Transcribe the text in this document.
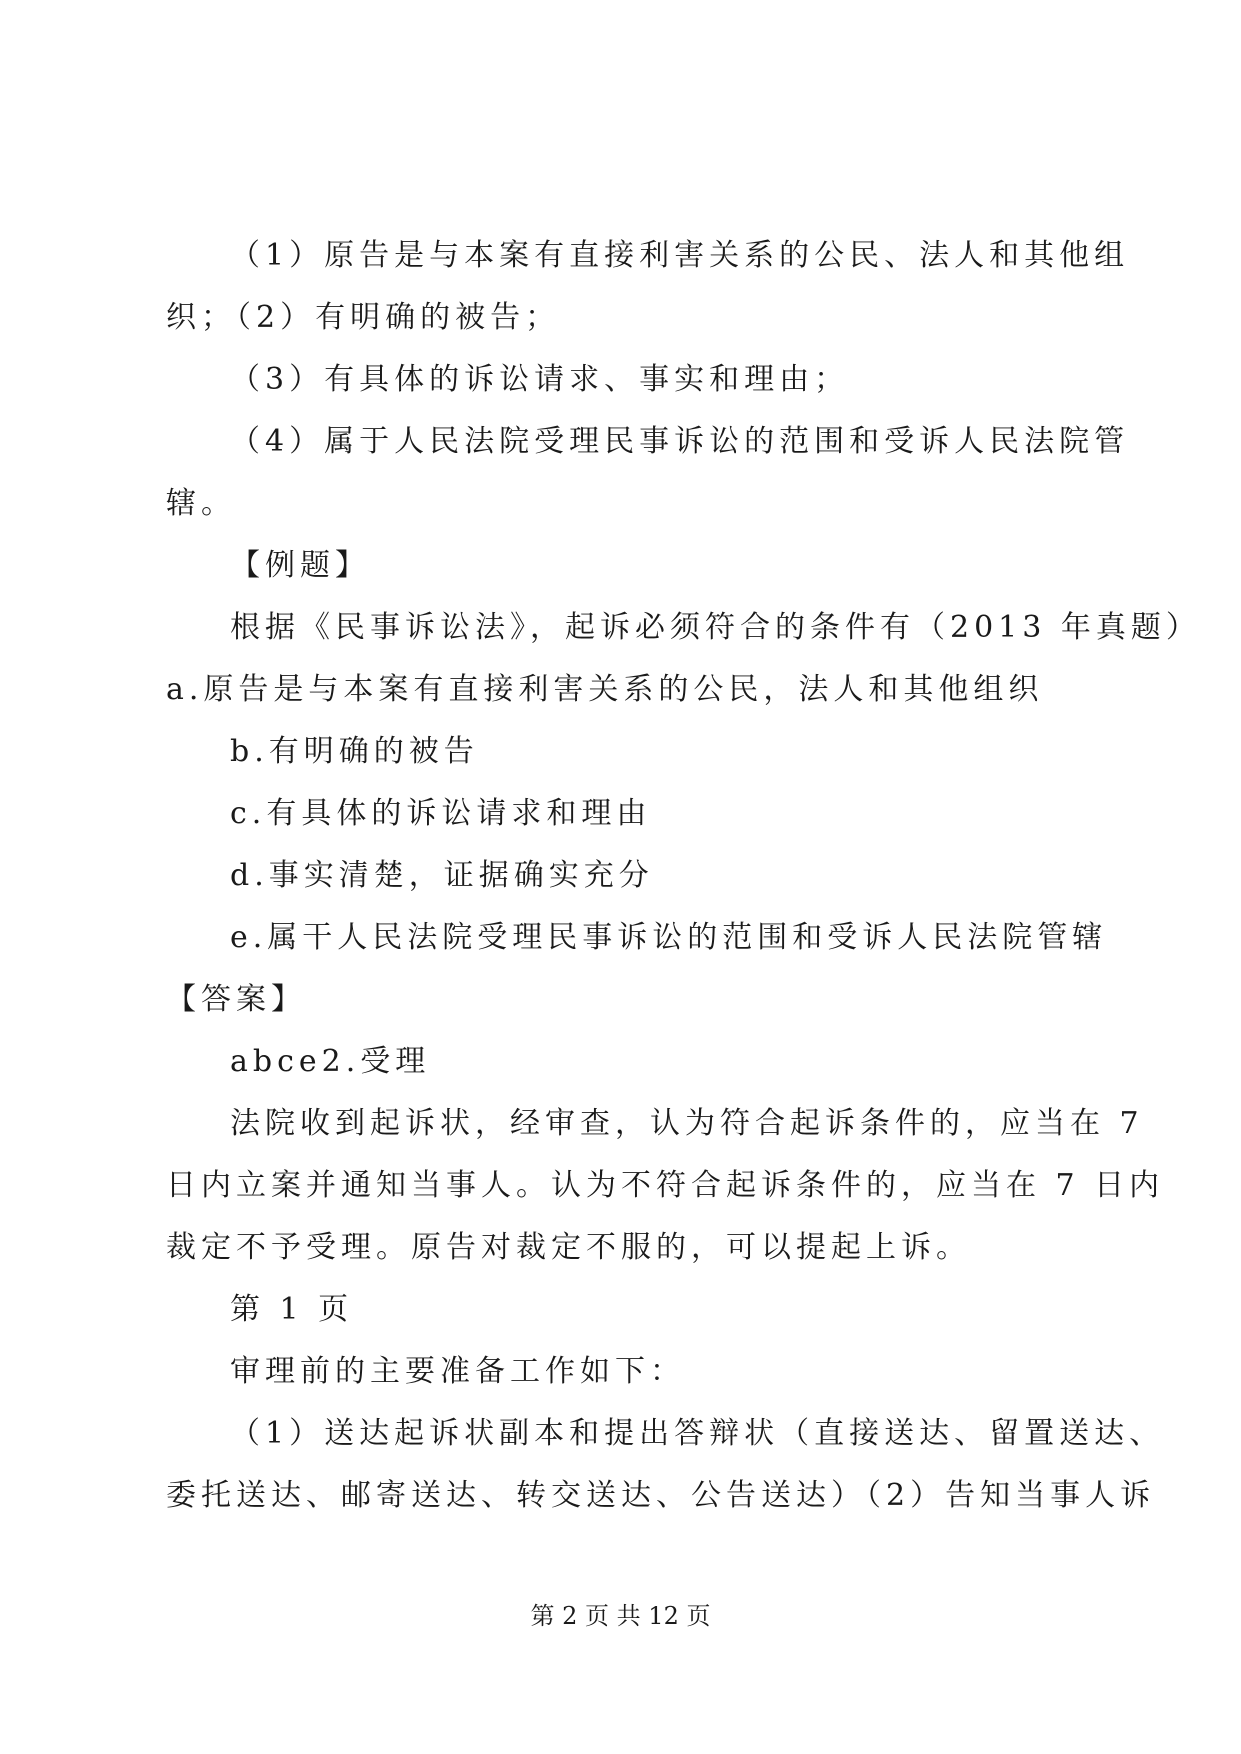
（1）原告是与本案有直接利害关系的公民、法人和其他组
织；（2）有明确的被告；
（3）有具体的诉讼请求、事实和理由；
（4）属于人民法院受理民事诉讼的范围和受诉人民法院管
辖。
【例题】
根据《民事诉讼法》，起诉必须符合的条件有（2013 年真题）
a.原告是与本案有直接利害关系的公民，法人和其他组织
b.有明确的被告
c.有具体的诉讼请求和理由
d.事实清楚，证据确实充分
e.属干人民法院受理民事诉讼的范围和受诉人民法院管辖
【答案】
abce2.受理
法院收到起诉状，经审查，认为符合起诉条件的，应当在 7
日内立案并通知当事人。认为不符合起诉条件的，应当在 7 日内
裁定不予受理。原告对裁定不服的，可以提起上诉。
第 1 页
审理前的主要准备工作如下：
（1）送达起诉状副本和提出答辩状（直接送达、留置送达、
委托送达、邮寄送达、转交送达、公告送达）（2）告知当事人诉
第 2 页 共 12 页
